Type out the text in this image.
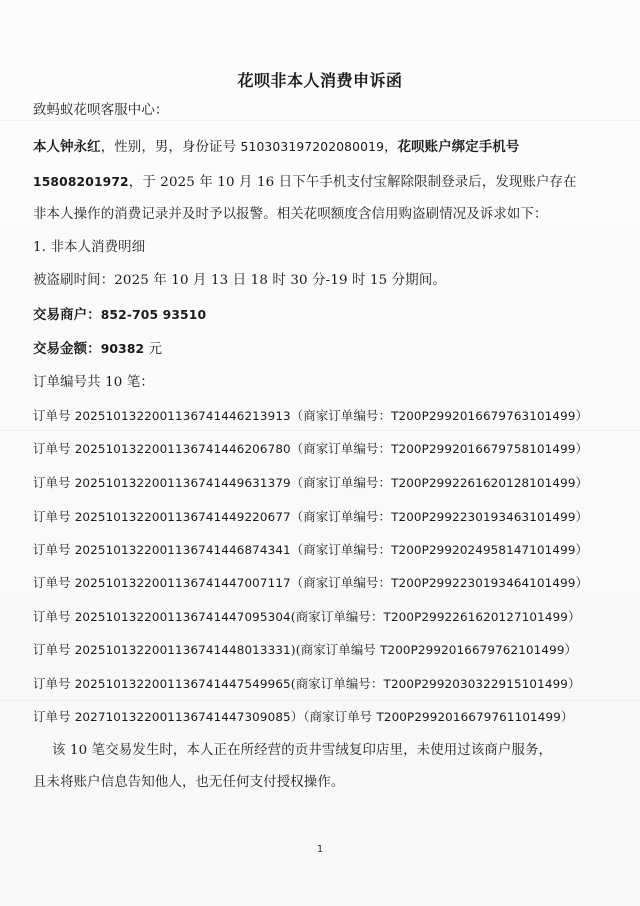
花呗非本人消费申诉函
致蚂蚁花呗客服中心：
本人钟永红，性别，男，身份证号 510303197202080019，花呗账户绑定手机号
15808201972，于 2025 年 10 月 16 日下午手机支付宝解除限制登录后，发现账户存在
非本人操作的消费记录并及时予以报警。相关花呗额度含信用购盗刷情况及诉求如下：
1. 非本人消费明细
被盗刷时间：2025 年 10 月 13 日 18 时 30 分-19 时 15 分期间。
交易商户：852-705 93510
交易金额：90382 元
订单编号共 10 笔：
订单号 2025101322001136741446213913（商家订单编号：T200P2992016679763101499）
订单号 2025101322001136741446206780（商家订单编号：T200P2992016679758101499）
订单号 2025101322001136741449631379（商家订单编号：T200P2992261620128101499）
订单号 2025101322001136741449220677（商家订单编号：T200P2992230193463101499）
订单号 2025101322001136741446874341（商家订单编号：T200P2992024958147101499）
订单号 2025101322001136741447007117（商家订单编号：T200P2992230193464101499）
订单号 2025101322001136741447095304(商家订单编号：T200P2992261620127101499）
订单号 2025101322001136741448013331)(商家订单编号 T200P2992016679762101499）
订单号 2025101322001136741447549965(商家订单编号：T200P2992030322915101499）
订单号 2027101322001136741447309085）（商家订单号 T200P2992016679761101499）
该 10 笔交易发生时，本人正在所经营的贡井雪绒复印店里，未使用过该商户服务，
且未将账户信息告知他人，也无任何支付授权操作。
1
